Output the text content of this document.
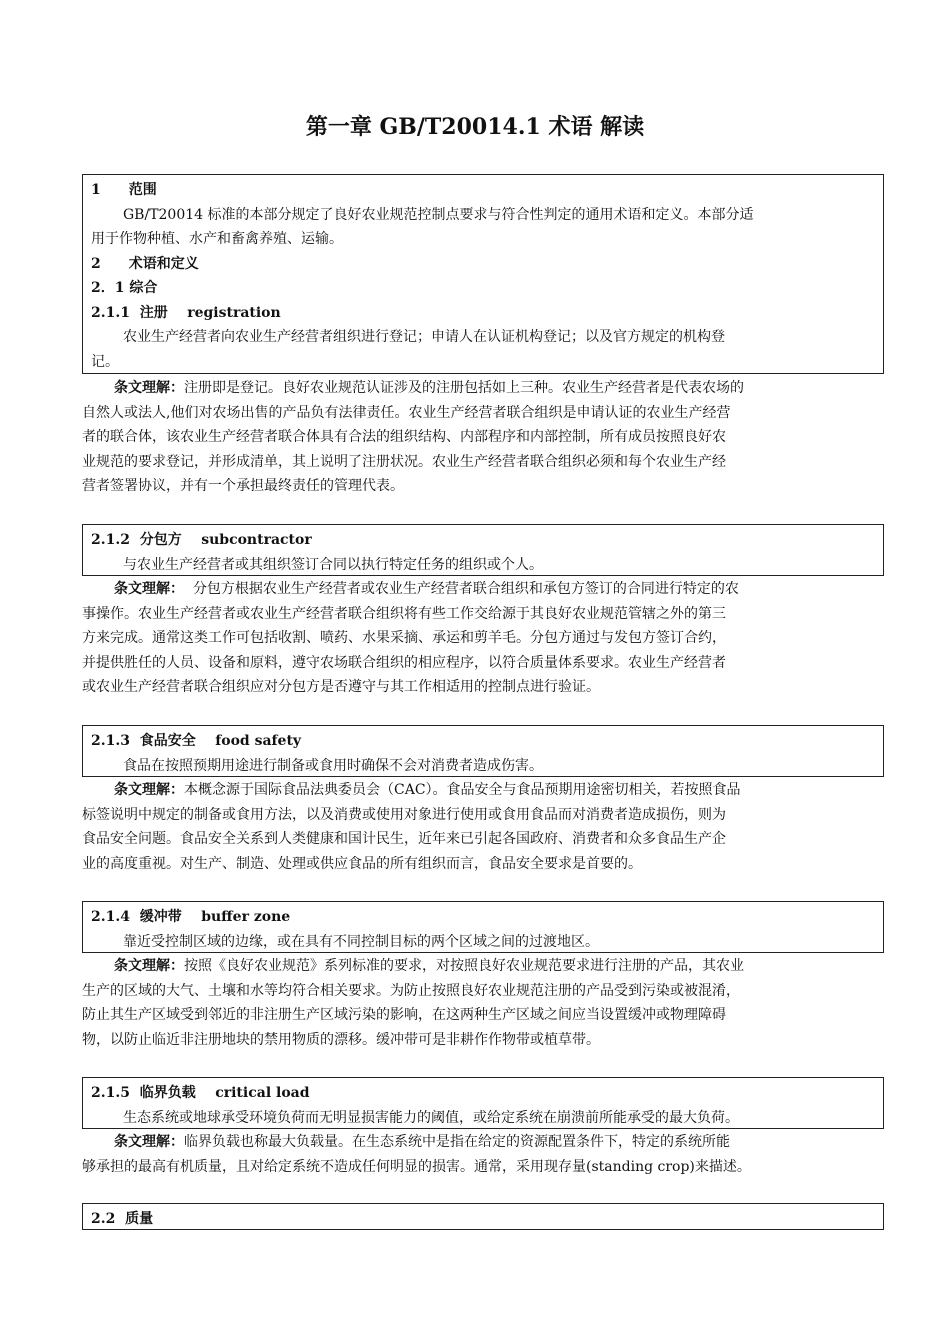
第一章 GB/T20014.1 术语 解读
1 范围
GB/T20014 标准的本部分规定了良好农业规范控制点要求与符合性判定的通用术语和定义。本部分适
用于作物种植、水产和畜禽养殖、运输。
2 术语和定义
2．1 综合
2.1.1  注册    registration
农业生产经营者向农业生产经营者组织进行登记；申请人在认证机构登记；以及官方规定的机构登
记。
条文理解：注册即是登记。良好农业规范认证涉及的注册包括如上三种。农业生产经营者是代表农场的
自然人或法人,他们对农场出售的产品负有法律责任。农业生产经营者联合组织是申请认证的农业生产经营
者的联合体，该农业生产经营者联合体具有合法的组织结构、内部程序和内部控制，所有成员按照良好农
业规范的要求登记，并形成清单，其上说明了注册状况。农业生产经营者联合组织必须和每个农业生产经
营者签署协议，并有一个承担最终责任的管理代表。
2.1.2  分包方    subcontractor
与农业生产经营者或其组织签订合同以执行特定任务的组织或个人。
条文理解：  分包方根据农业生产经营者或农业生产经营者联合组织和承包方签订的合同进行特定的农
事操作。农业生产经营者或农业生产经营者联合组织将有些工作交给源于其良好农业规范管辖之外的第三
方来完成。通常这类工作可包括收割、喷药、水果采摘、承运和剪羊毛。分包方通过与发包方签订合约，
并提供胜任的人员、设备和原料，遵守农场联合组织的相应程序，以符合质量体系要求。农业生产经营者
或农业生产经营者联合组织应对分包方是否遵守与其工作相适用的控制点进行验证。
2.1.3  食品安全    food safety
食品在按照预期用途进行制备或食用时确保不会对消费者造成伤害。
条文理解：本概念源于国际食品法典委员会（CAC）。食品安全与食品预期用途密切相关，若按照食品
标签说明中规定的制备或食用方法，以及消费或使用对象进行使用或食用食品而对消费者造成损伤，则为
食品安全问题。食品安全关系到人类健康和国计民生，近年来已引起各国政府、消费者和众多食品生产企
业的高度重视。对生产、制造、处理或供应食品的所有组织而言，食品安全要求是首要的。
2.1.4  缓冲带    buffer zone
靠近受控制区域的边缘，或在具有不同控制目标的两个区域之间的过渡地区。
条文理解：按照《良好农业规范》系列标准的要求，对按照良好农业规范要求进行注册的产品，其农业
生产的区域的大气、土壤和水等均符合相关要求。为防止按照良好农业规范注册的产品受到污染或被混淆，
防止其生产区域受到邻近的非注册生产区域污染的影响，在这两种生产区域之间应当设置缓冲或物理障碍
物，以防止临近非注册地块的禁用物质的漂移。缓冲带可是非耕作作物带或植草带。
2.1.5  临界负载    critical load
生态系统或地球承受环境负荷而无明显损害能力的阈值，或给定系统在崩溃前所能承受的最大负荷。
条文理解：临界负载也称最大负载量。在生态系统中是指在给定的资源配置条件下，特定的系统所能
够承担的最高有机质量，且对给定系统不造成任何明显的损害。通常，采用现存量(standing crop)来描述。
2.2  质量
